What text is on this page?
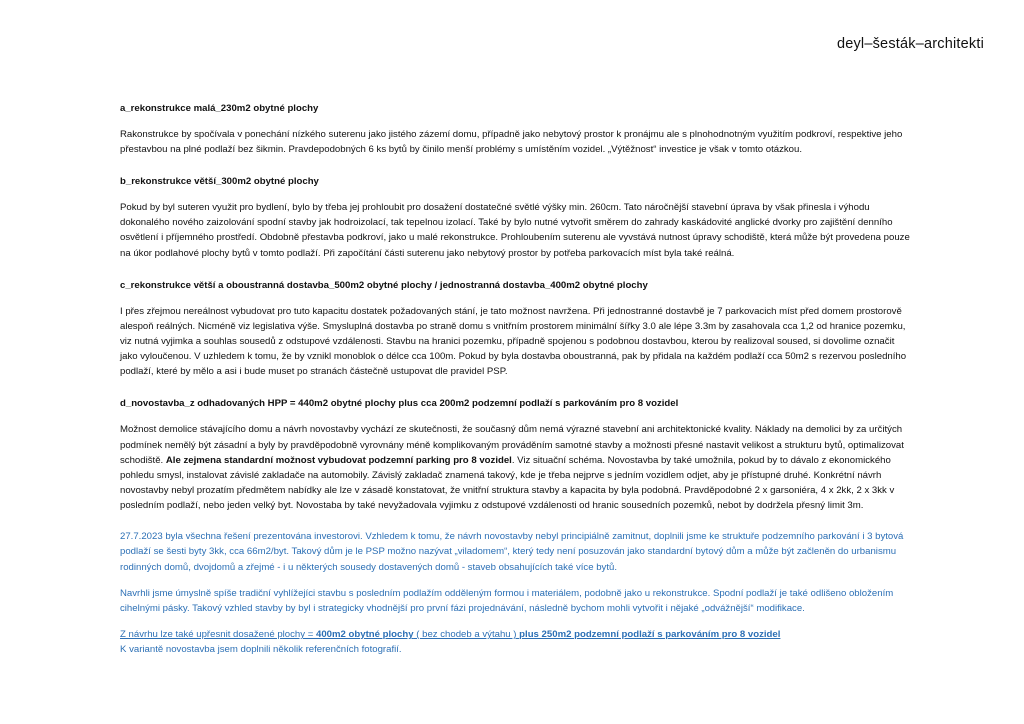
deyl–šesták–architekti
a_rekonstrukce malá_230m2 obytné plochy
Rakonstrukce by spočívala v ponechání nízkého suterenu jako jistého zázemí domu, případně jako nebytový prostor k pronájmu ale s plnohodnotným využitím podkroví, respektive jeho přestavbou na plné podlaží bez šikmin. Pravdepodobných 6 ks bytů by činilo menší problémy s umístěním vozidel. „Výtěžnost“ investice je však v tomto otázkou.
b_rekonstrukce větší_300m2 obytné plochy
Pokud by byl suteren využit pro bydlení, bylo by třeba jej prohloubit pro dosažení dostatečné světlé výšky min. 260cm. Tato náročnější stavební úprava by však přinesla i výhodu dokonalého nového zaizolování spodní stavby jak hodroizolací, tak tepelnou izolací. Také by bylo nutné vytvořit směrem do zahrady kaskádovité anglické dvorky pro zajištění denního osvětlení i příjemného prostředí. Obdobně přestavba podkroví, jako u malé rekonstrukce. Prohloubením suterenu ale vyvstává nutnost úpravy schodiště, která může být provedena pouze na úkor podlahové plochy bytů v tomto podlaží. Při započítání části suterenu jako nebytový prostor by potřeba parkovacích míst byla také reálná.
c_rekonstrukce větší a oboustranná dostavba_500m2 obytné plochy / jednostranná dostavba_400m2 obytné plochy
I přes zřejmou nereálnost vybudovat pro tuto kapacitu dostatek požadovaných stání, je tato možnost navržena. Při jednostranné dostavbě je 7 parkovacich míst před domem prostorově alespoň reálných. Nicméně viz legislativa výše. Smysluplná dostavba po straně domu s vnitřním prostorem minimální šířky 3.0 ale lépe 3.3m by zasahovala cca 1,2 od hranice pozemku, viz nutná vyjimka a souhlas sousedů z odstupové vzdálenosti. Stavbu na hranici pozemku, případně spojenou s podobnou dostavbou, kterou by realizoval soused, si dovolime označit jako vyloučenou. V uzhledem k tomu, že by vznikl monoblok o délce cca 100m. Pokud by byla dostavba oboustranná, pak by přidala na každém podlaží cca 50m2 s rezervou posledního podlaží, které by mělo a asi i bude muset po stranách částečně ustupovat dle pravidel PSP.
d_novostavba_z odhadovaných HPP = 440m2 obytné plochy plus cca 200m2 podzemní podlaží s parkováním pro 8 vozidel
Možnost demolice stávajícího domu a návrh novostavby vychází ze skutečnosti, že současný dům nemá výrazné stavební ani architektonické kvality. Náklady na demolici by za určitých podmínek nemělý být zásadní a byly by pravděpodobně vyrovnány méně komplikovaným prováděním samotné stavby a možnosti přesné nastavit velikost a strukturu bytů, optimalizovat schodiště. Ale zejmena standardní možnost vybudovat podzemní parking pro 8 vozidel. Viz situační schéma. Novostavba by také umožnila, pokud by to dávalo z ekonomického pohledu smysl, instalovat závislé zakladače na automobily. Závislý zakladač znamená takový, kde je třeba nejprve s jedním vozidlem odjet, aby je přístupné druhé. Konkrétní návrh novostavby nebyl prozatím předmětem nabídky ale lze v zásadě konstatovat, že vnitřní struktura stavby a kapacita by byla podobná. Pravděpodobné 2 x garsoniéra, 4 x 2kk, 2 x 3kk v posledním podlaží, nebo jeden velký byt. Novostaba by také nevyžadovala vyjimku z odstupové vzdálenosti od hranic sousedních pozemků, nebot by dodržela přesný limit 3m.

27.7.2023 byla všechna řešení prezentována investorovi. Vzhledem k tomu, že návrh novostavby nebyl principiálně zamitnut, doplnili jsme ke struktuře podzemního parkování i 3 bytová podlaží se šesti byty 3kk, cca 66m2/byt. Takový dům je le PSP možno nazývat „viladomem“, který tedy není posuzován jako standardní bytový dům a může být začleněn do urbanismu rodinných domů, dvojdomů a zřejmé - i u některých sousedy dostavených domů - staveb obsahujících také více bytů.

Navrhli jsme úmyslně spíše tradiční vyhlížejíci stavbu s posledním podlažím odděleným formou i materiálem, podobně jako u rekonstrukce. Spodní podlaží je také odlišeno obložením cihelnými pásky. Takový vzhled stavby by byl i strategicky vhodnější pro první fázi projednávání, následně bychom mohli vytvořit i nějaké „odvážnější“ modifikace.

Z návrhu lze také upřesnit dosažené plochy = 400m2 obytné plochy ( bez chodeb a výtahu ) plus 250m2 podzemní podlaží s parkováním pro 8 vozidel

K variantě novostavba jsem doplnili několik referenčních fotografií.
